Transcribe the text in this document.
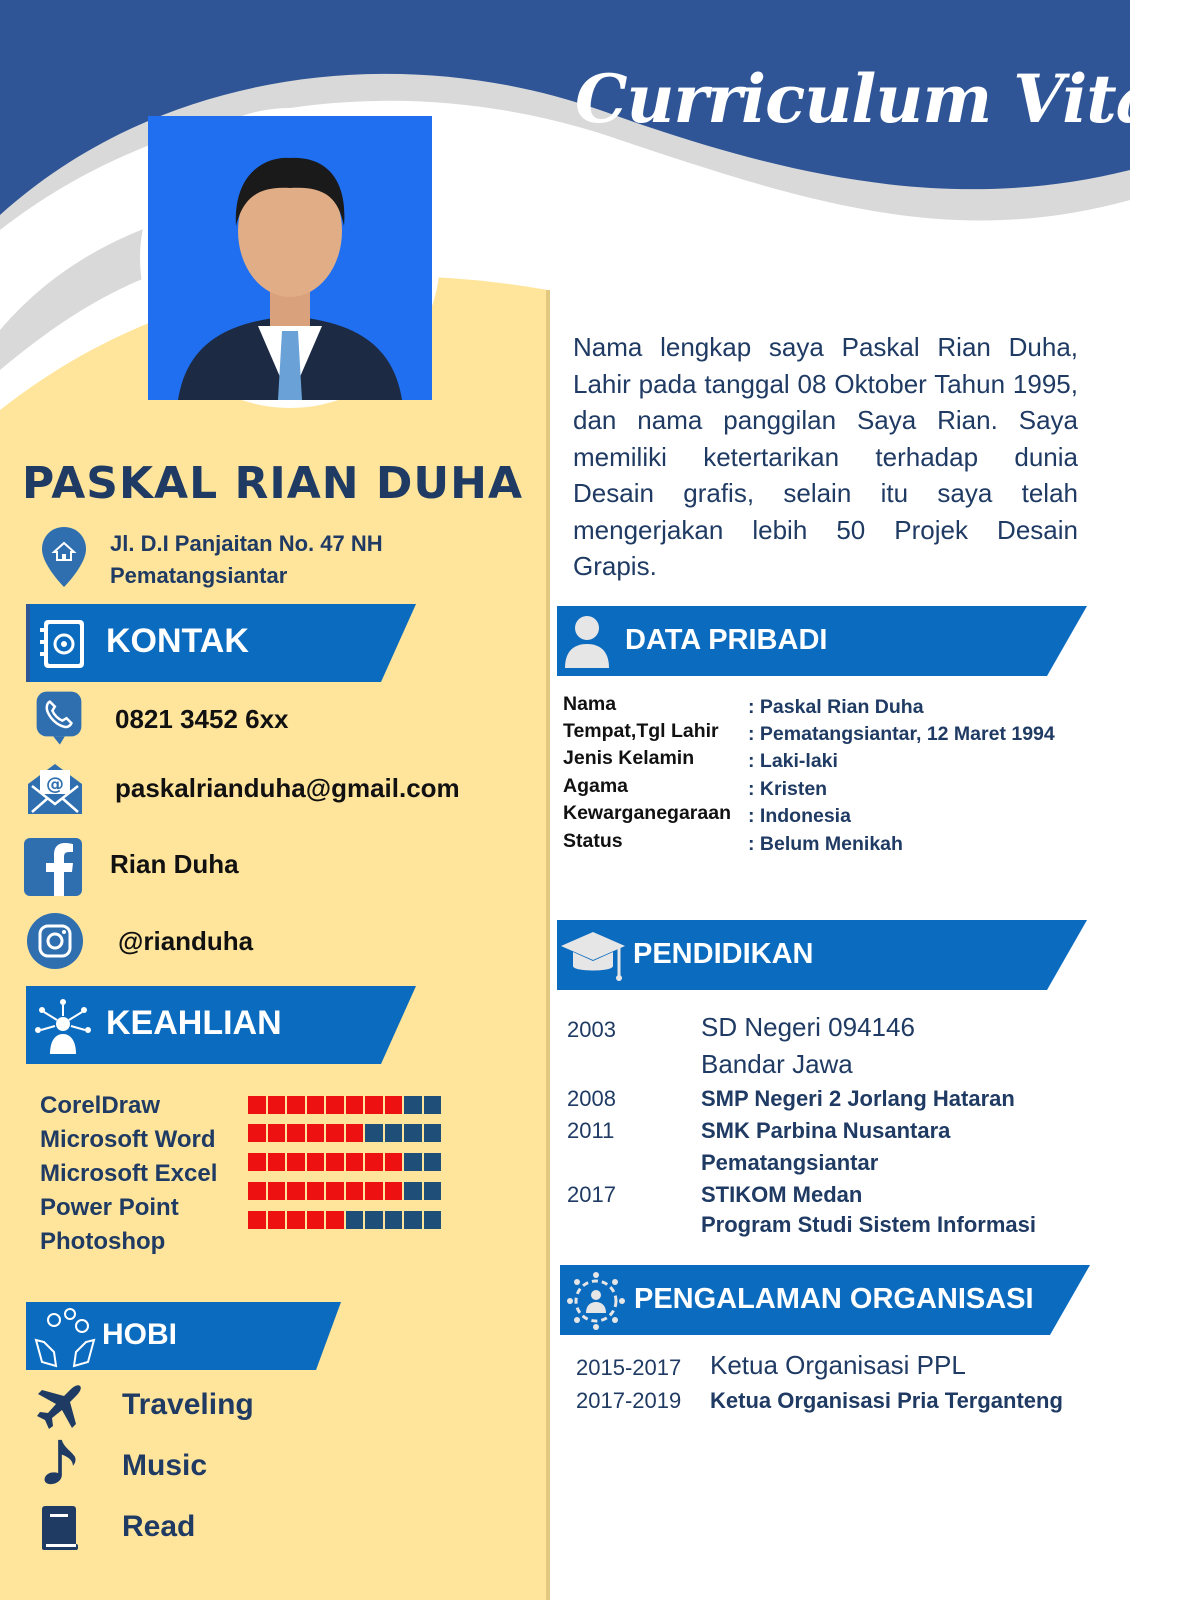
Curriculum Vitae
PASKAL RIAN DUHA
Jl. D.I Panjaitan No. 47 NH
Pematangsiantar
KONTAK
0821 3452 6xx
@ paskalrianduha@gmail.com
Rian Duha
@rianduha
KEAHLIAN
CorelDraw
Microsoft Word
Microsoft Excel
Power Point
Photoshop
HOBI
Traveling
Music
Read
Nama lengkap saya Paskal Rian Duha, Lahir pada tanggal 08 Oktober Tahun 1995, dan nama panggilan Saya Rian. Saya memiliki ketertarikan terhadap dunia Desain grafis, selain itu saya telah mengerjakan lebih 50 Projek Desain Grapis.
DATA PRIBADI
Nama	: Paskal Rian Duha
Tempat,Tgl Lahir : Pematangsiantar, 12 Maret 1994
Jenis Kelamin	: Laki-laki
Agama	: Kristen
Kewarganegaraan : Indonesia
Status	: Belum Menikah
PENDIDIKAN
2003	SD Negeri 094146
Bandar Jawa
2008	SMP Negeri 2 Jorlang Hataran
2011	SMK Parbina Nusantara
Pematangsiantar
2017	STIKOM Medan
Program Studi Sistem Informasi
PENGALAMAN ORGANISASI
2015-2017 Ketua Organisasi PPL
2017-2019 Ketua Organisasi Pria Terganteng
